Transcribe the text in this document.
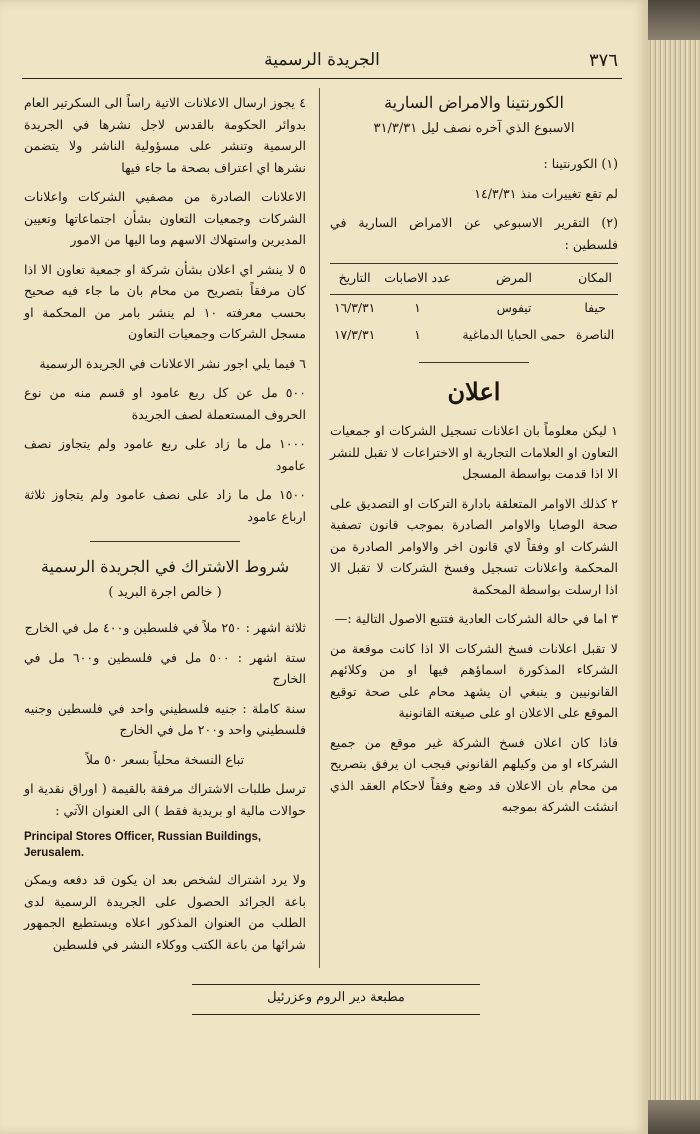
٣٧٦
الجريدة الرسمية
الكورنتينا والامراض السارية
الاسبوع الذي آخره نصف ليل ٣١/٣/٣١

(١) الكورنتينا :

لم تقع تغييرات منذ ١٤/٣/٣١

(٢) التقرير الاسبوعي عن الامراض السارية في فلسطين :

المكان	المرض	عدد الاصابات	التاريخ
حيفا	تيفوس	١	١٦/٣/٣١
الناصرة	حمى الحبايا الدماغية	١	١٧/٣/٣١
اعلان

١ ليكن معلوماً بان اعلانات تسجيل الشركات او جمعيات التعاون او العلامات التجارية او الاختراعات لا تقبل للنشر الا اذا قدمت بواسطة المسجل

٢ كذلك الاوامر المتعلقة بادارة التركات او التصديق على صحة الوصايا والاوامر الصادرة بموجب قانون تصفية الشركات او وفقاً لاي قانون اخر والاوامر الصادرة من المحكمة واعلانات تسجيل وفسخ الشركات لا تقبل الا اذا ارسلت بواسطة المحكمة

٣ اما في حالة الشركات العادية فتتبع الاصول التالية :—

لا تقبل اعلانات فسخ الشركات الا اذا كانت موقعة من الشركاء المذكورة اسماؤهم فيها او من وكلائهم القانونيين و ينبغي ان يشهد محام على صحة توقيع الموقع على الاعلان او على صيغته القانونية

فاذا كان اعلان فسخ الشركة غير موقع من جميع الشركاء او من وكيلهم القانوني فيجب ان يرفق بتصريح من محام بان الاعلان قد وضع وفقاً لاحكام العقد الذي انشئت الشركة بموجبه

٤ يجوز ارسال الاعلانات الاتية راساً الى السكرتير العام بدوائر الحكومة بالقدس لاجل نشرها في الجريدة الرسمية وتنشر على مسؤولية الناشر ولا يتضمن نشرها اي اعتراف بصحة ما جاء فيها

الاعلانات الصادرة من مصفيي الشركات واعلانات الشركات وجمعيات التعاون بشأن اجتماعاتها وتعيين المديرين واستهلاك الاسهم وما اليها من الامور

٥ لا ينشر اي اعلان بشأن شركة او جمعية تعاون الا اذا كان مرفقاً بتصريح من محام بان ما جاء فيه صحيح بحسب معرفته ١٠ لم ينشر بامر من المحكمة او مسجل الشركات وجمعيات التعاون

٦ فيما يلي اجور نشر الاعلانات في الجريدة الرسمية

٥٠٠ مل عن كل ربع عامود او قسم منه من نوع الحروف المستعملة لصف الجريدة

١٠٠٠ مل ما زاد على ربع عامود ولم يتجاوز نصف عامود

١٥٠٠ مل ما زاد على نصف عامود ولم يتجاوز ثلاثة ارباع عامود

شروط الاشتراك في الجريدة الرسمية
( خالص اجرة البريد )

ثلاثة اشهر : ٢٥٠ ملاً في فلسطين و٤٠٠ مل في الخارج

ستة اشهر : ٥٠٠ مل في فلسطين و٦٠٠ مل في الخارج

سنة كاملة : جنيه فلسطيني واحد في فلسطين وجنيه فلسطيني واحد و٢٠٠ مل في الخارج

تباع النسخة محلياً بسعر ٥٠ ملاً

ترسل طلبات الاشتراك مرفقة بالقيمة ( اوراق نقدية او حوالات مالية او بريدية فقط ) الى العنوان الآتي :

Principal Stores Officer, Russian Buildings, Jerusalem.

ولا يرد اشتراك لشخص بعد ان يكون قد دفعه ويمكن باعة الجرائد الحصول على الجريدة الرسمية لدى الطلب من العنوان المذكور اعلاه ويستطيع الجمهور شرائها من باعة الكتب ووكلاء النشر في فلسطين

مطبعة دير الروم وعزرئيل
